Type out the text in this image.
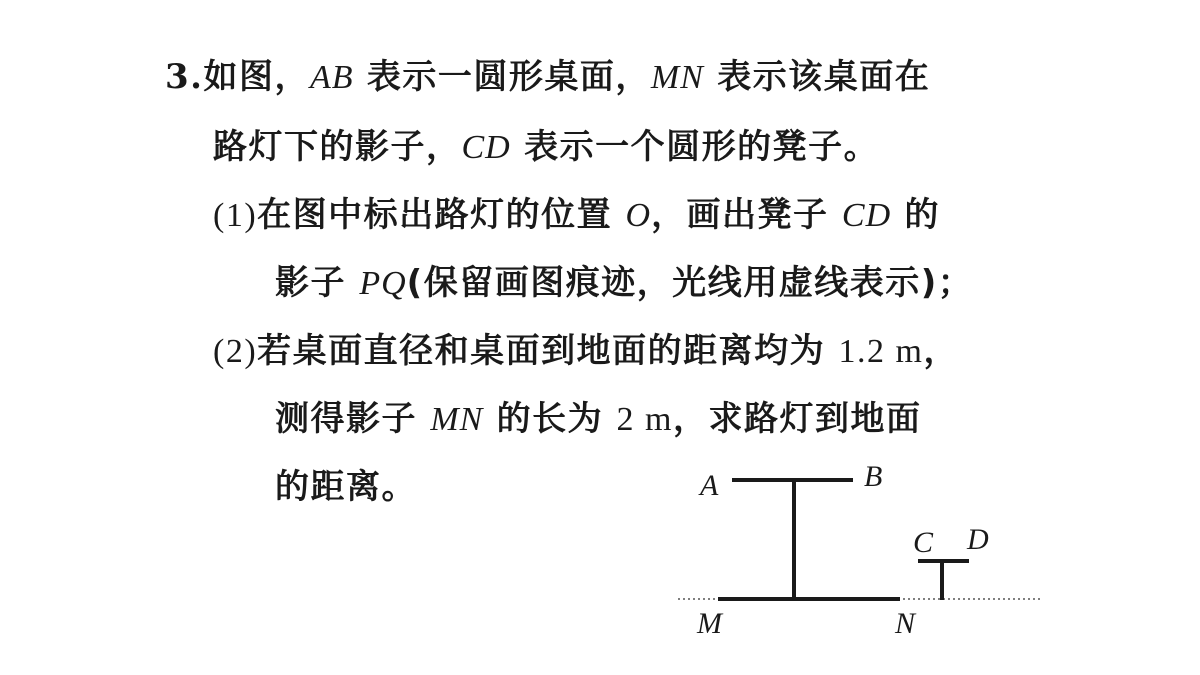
3.如图，AB 表示一圆形桌面，MN 表示该桌面在
路灯下的影子，CD 表示一个圆形的凳子。
(1)在图中标出路灯的位置 O，画出凳子 CD 的
影子 PQ(保留画图痕迹，光线用虚线表示)；
(2)若桌面直径和桌面到地面的距离均为 1.2 m，
测得影子 MN 的长为 2 m，求路灯到地面
的距离。	A	B
C D
M	N
